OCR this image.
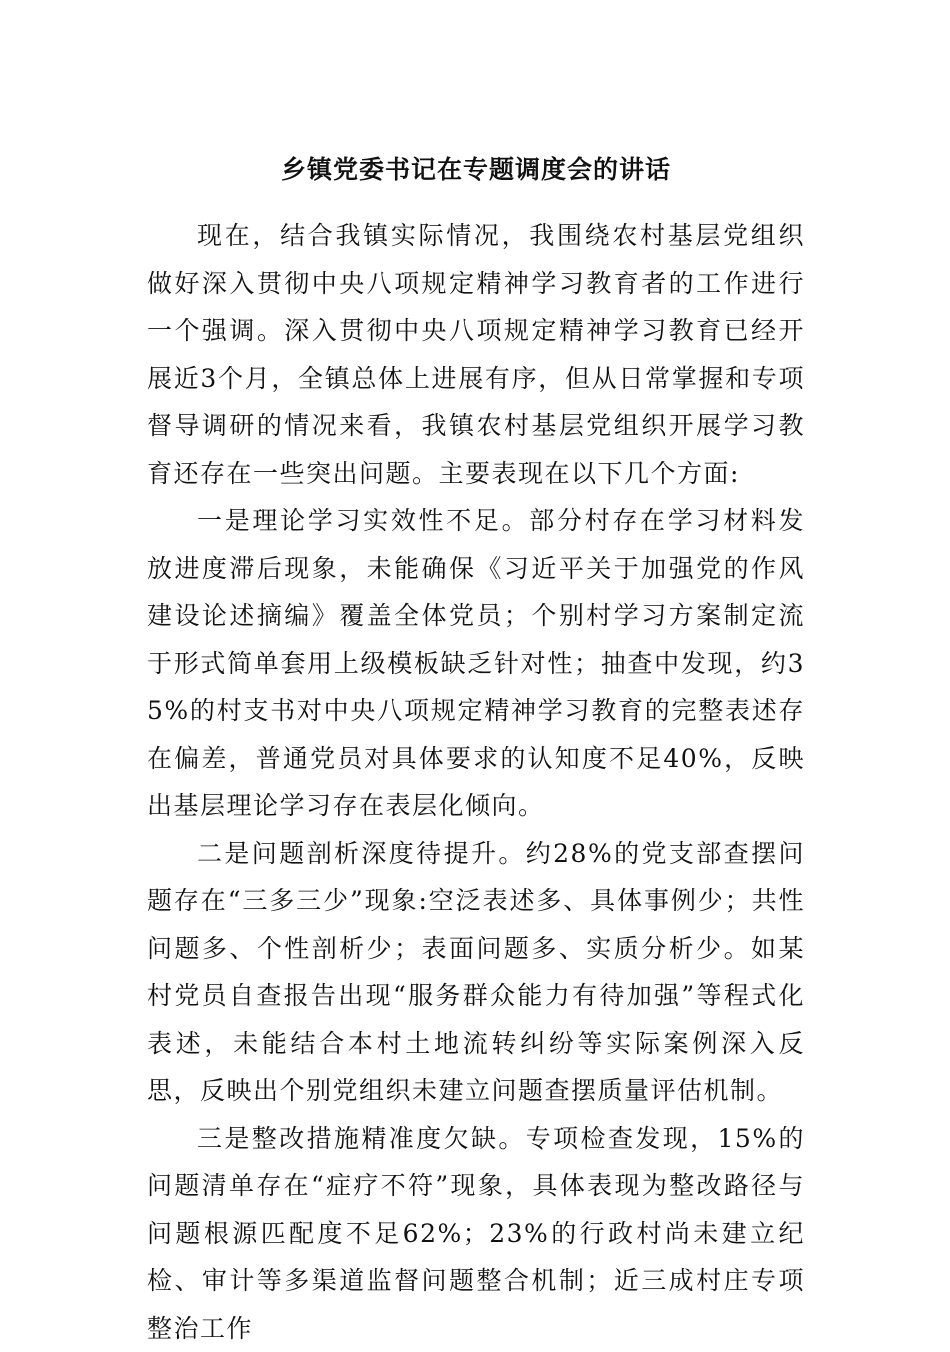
乡镇党委书记在专题调度会的讲话

现在，结合我镇实际情况，我围绕农村基层党组织做好深入贯彻中央八项规定精神学习教育者的工作进行一个强调。深入贯彻中央八项规定精神学习教育已经开展近3个月，全镇总体上进展有序，但从日常掌握和专项督导调研的情况来看，我镇农村基层党组织开展学习教育还存在一些突出问题。主要表现在以下几个方面:

一是理论学习实效性不足。部分村存在学习材料发放进度滞后现象，未能确保《习近平关于加强党的作风建设论述摘编》覆盖全体党员；个别村学习方案制定流于形式简单套用上级模板缺乏针对性；抽查中发现，约35%的村支书对中央八项规定精神学习教育的完整表述存在偏差，普通党员对具体要求的认知度不足40%，反映出基层理论学习存在表层化倾向。

二是问题剖析深度待提升。约28%的党支部查摆问题存在“三多三少”现象:空泛表述多、具体事例少；共性问题多、个性剖析少；表面问题多、实质分析少。如某村党员自查报告出现“服务群众能力有待加强”等程式化表述，未能结合本村土地流转纠纷等实际案例深入反思，反映出个别党组织未建立问题查摆质量评估机制。

三是整改措施精准度欠缺。专项检查发现，15%的问题清单存在“症疗不符”现象，具体表现为整改路径与问题根源匹配度不足62%；23%的行政村尚未建立纪检、审计等多渠道监督问题整合机制；近三成村庄专项整治工作
